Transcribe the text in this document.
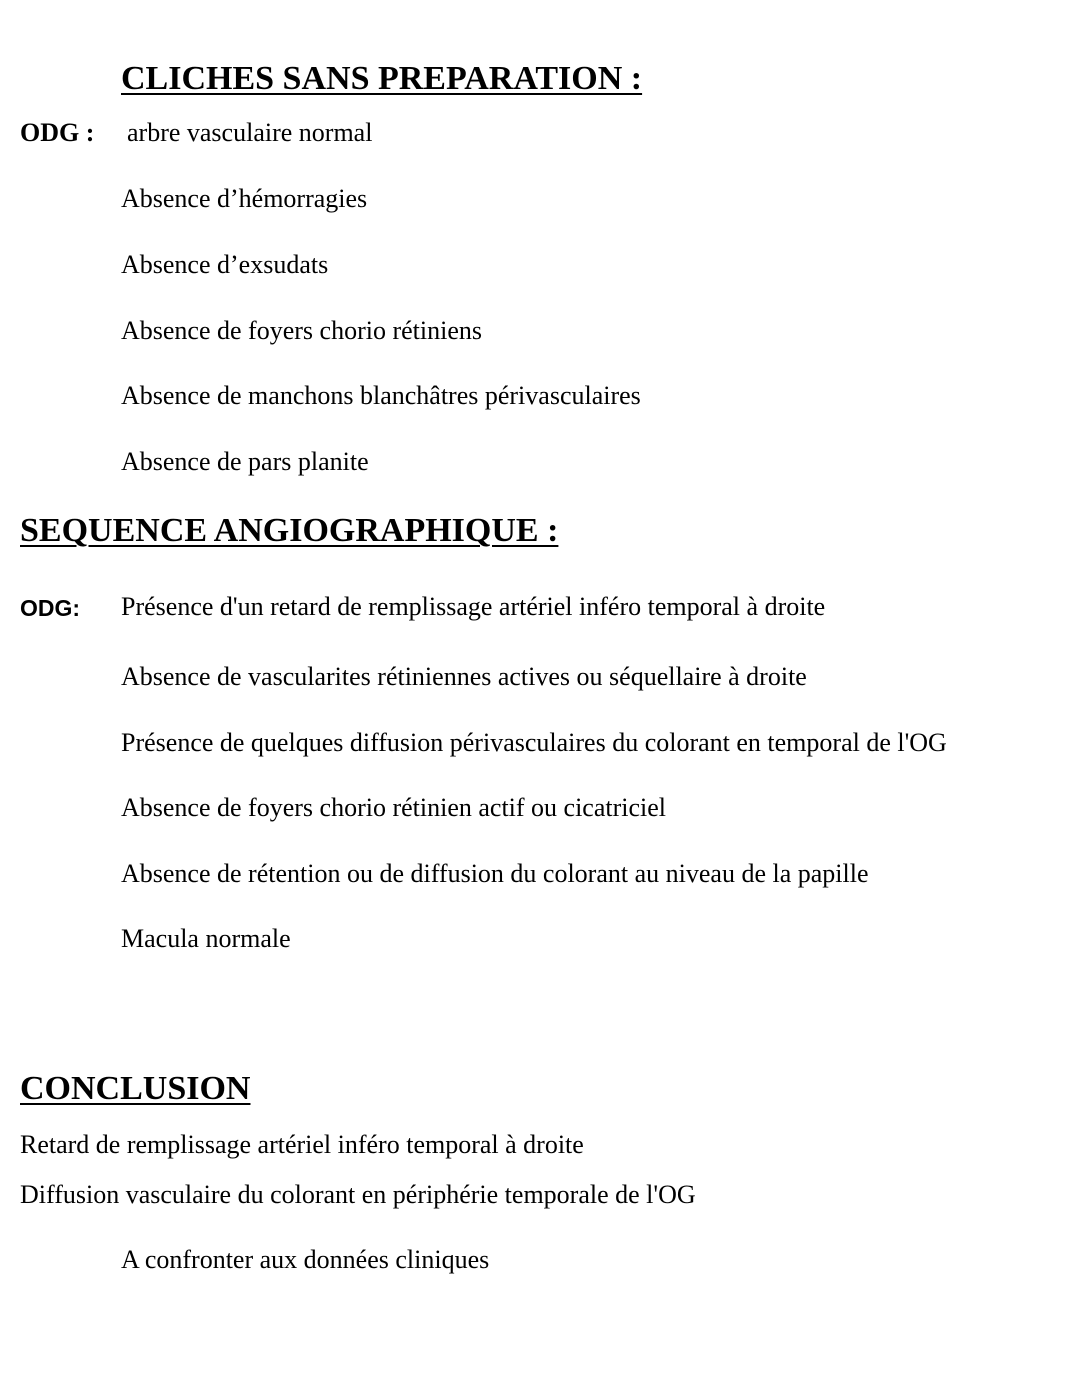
CLICHES SANS PREPARATION :
ODG : arbre vasculaire normal
Absence d’hémorragies
Absence d’exsudats
Absence de foyers chorio rétiniens
Absence de manchons blanchâtres périvasculaires
Absence de pars planite
SEQUENCE ANGIOGRAPHIQUE :
ODG: Présence d'un retard de remplissage artériel inféro temporal à droite
Absence de vascularites rétiniennes actives ou séquellaire à droite
Présence de quelques diffusion périvasculaires du colorant en temporal de l'OG
Absence de foyers chorio rétinien actif ou cicatriciel
Absence de rétention ou de diffusion du colorant au niveau de la papille
Macula normale
CONCLUSION
Retard de remplissage artériel inféro temporal à droite
Diffusion vasculaire du colorant en périphérie temporale de l'OG
A confronter aux données cliniques
